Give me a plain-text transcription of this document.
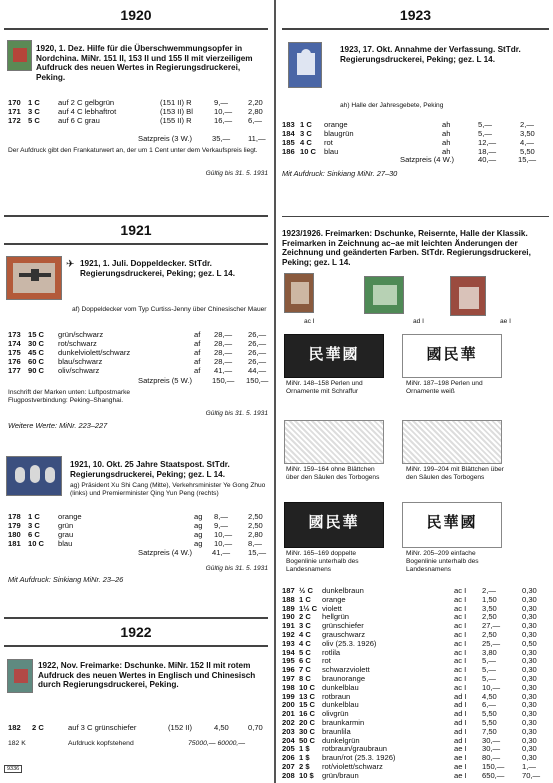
1920
1920, 1. Dez. Hilfe für die Überschwemmungsopfer in Nordchina. MiNr. 151 II, 153 II und 155 II mit vierzeiligem Aufdruck des neuen Wertes in Regierungsdruckerei, Peking.
170 1 C auf 2 C gelbgrün	(151 II) R	9,—	2,20
171 3 C auf 4 C lebhaftrot	(153 II) Bl	10,— 2,80
172 5 C auf 6 C grau	(155 II) R	16,— 6,—
Satzpreis (3 W.)	35,— 11,—
Der Aufdruck gibt den Frankaturwert an, der um 1 Cent unter dem Verkaufspreis liegt.
Gültig bis 31. 5. 1931
1921
✈ 1921, 1. Juli. Doppeldecker. StTdr. Regierungsdruckerei, Peking; gez. L 14.
af) Doppeldecker vom Typ Curtiss-Jenny über Chinesischer Mauer
173 15 C grün/schwarz	af 28,— 26,—
174 30 C rot/schwarz	af 28,— 26,—
175 45 C dunkelviolett/schwarz	af 28,— 26,—
176 60 C blau/schwarz	af 28,— 26,—
177 90 C oliv/schwarz	af 41,— 44,—
Satzpreis (5 W.)	150,— 150,—
Inschrift der Marken unten: Luftpostmarke Flugpostverbindung: Peking–Shanghai.
Gültig bis 31. 5. 1931
Weitere Werte: MiNr. 223–227
1921, 10. Okt. 25 Jahre Staatspost. StTdr. Regierungsdruckerei, Peking; gez. L 14.
ag) Präsident Xu Shi Cang (Mitte), Verkehrsminister Ye Gong Zhuo (links) und Premierminister Qing Yun Peng (rechts)
178 1 C orange	ag 8,—	2,50
179 3 C grün	ag 9,—	2,50
180 6 C grau	ag 10,— 2,80
181 10 C blau	ag 10,— 8,—
Satzpreis (4 W.)	41,— 15,—
Gültig bis 31. 5. 1931
Mit Aufdruck: Sinkiang MiNr. 23–26
1922
1922, Nov. Freimarke: Dschunke. MiNr. 152 II mit rotem Aufdruck des neuen Wertes in Englisch und Chinesisch durch Regierungsdruckerei, Peking.
182 2 C	auf 3 C grünschiefer	(152 II)	4,50	0,70
182 K	Aufdruck kopfstehend	75000,— 60000,—
9336
1923
1923, 17. Okt. Annahme der Verfassung. StTdr. Regierungsdruckerei, Peking; gez. L 14.
ah) Halle der Jahresgebete, Peking
183 1 C orange	ah	5,—	2,—
184 3 C blaugrün	ah	5,—	3,50
185 4 C rot	ah	12,—	4,—
186 10 C blau	ah	18,—	5,50
Satzpreis (4 W.)	40,—	15,—
Mit Aufdruck: Sinkiang MiNr. 27–30
1923/1926. Freimarken: Dschunke, Reisernte, Halle der Klassik. Freimarken in Zeichnung ac–ae mit leichten Änderungen der Zeichnung und geänderten Farben. StTdr. Regierungsdruckerei, Peking; gez. L 14.
ac I	ad I	ae I
民華國
MiNr. 148–158 Perlen und Ornamente mit Schraffur
國民華
MiNr. 187–198 Perlen und Ornamente weiß
MiNr. 159–164 ohne Blättchen über den Säulen des Torbogens
MiNr. 199–204 mit Blättchen über den Säulen des Torbogens
國民華
MiNr. 165–169 doppelte Bogenlinie unterhalb des Landesnamens
民華國
MiNr. 205–209 einfache Bogenlinie unterhalb des Landesnamens
187 ½ C dunkelbraun	ac I 2,—	0,30
188 1 C orange	ac I 1,50	0,30
189 1½ C violett	ac I 3,50	0,30
190 2 C hellgrün	ac I 2,50	0,30
191 3 C grünschiefer	ac I 27,—	0,30
192 4 C grauschwarz	ac I 2,50	0,30
193 4 C oliv (25.3. 1926)	ac I 25,—	0,50
194 5 C rotlila	ac I 3,80	0,30
195 6 C rot	ac I 5,—	0,30
196 7 C schwarzviolett	ac I 5,—	0,30
197 8 C braunorange	ac I 5,—	0,30
198 10 C dunkelblau	ac I 10,—	0,30
199 13 C rotbraun	ad I 4,50	0,30
200 15 C dunkelblau	ad I 6,—	0,30
201 16 C olivgrün	ad I 5,50	0,30
202 20 C braunkarmin	ad I 5,50	0,30
203 30 C braunlila	ad I 7,50	0,30
204 50 C dunkelgrün	ad I 30,—	0,30
205 1 $ rotbraun/graubraun	ae I 30,—	0,30
206 1 $ braun/rot (25.3. 1926)	ae I 80,—	0,30
207 2 $ rot/violett/schwarz	ae I 150,— 1,—
208 10 $ grün/braun	ae I 650,— 70,—
